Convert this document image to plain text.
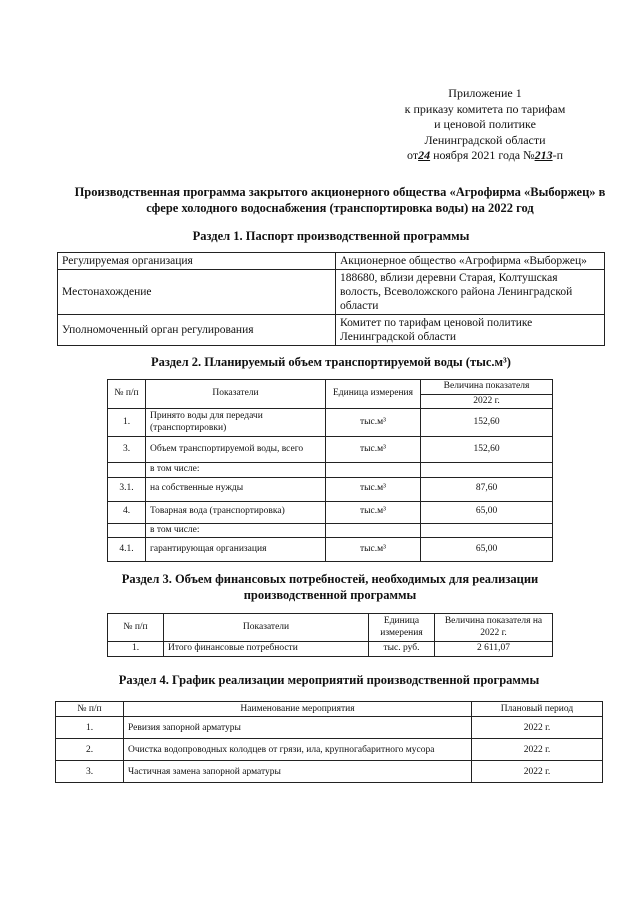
Приложение 1
к приказу комитета по тарифам
и ценовой политике
Ленинградской области
от24 ноября 2021 года №213-п
Производственная программа закрытого акционерного общества «Агрофирма «Выборжец» в сфере холодного водоснабжения (транспортировка воды) на 2022 год
Раздел 1. Паспорт производственной программы
Регулируемая организация	Акционерное общество «Агрофирма «Выборжец»
Местонахождение	188680, вблизи деревни Старая, Колтушская волость, Всеволожского района Ленинградской области
Уполномоченный орган регулирования	Комитет по тарифам ценовой политике Ленинградской области
Раздел 2. Планируемый объем транспортируемой воды (тыс.м³)
№ п/п	Показатели	Единица измерения	Величина показателя
			2022 г.
1.	Принято воды для передачи (транспортировки)	тыс.м³	152,60
3.	Объем транспортируемой воды, всего	тыс.м³	152,60
	в том числе:		
3.1.	на собственные нужды	тыс.м³	87,60
4.	Товарная вода (транспортировка)	тыс.м³	65,00
	в том числе:		
4.1.	гарантирующая организация	тыс.м³	65,00
Раздел 3. Объем финансовых потребностей, необходимых для реализации производственной программы
№ п/п	Показатели	Единица измерения	Величина показателя на 2022 г.
1.	Итого финансовые потребности	тыс. руб.	2 611,07
Раздел 4. График реализации мероприятий производственной программы
№ п/п	Наименование мероприятия	Плановый период
1.	Ревизия запорной арматуры	2022 г.
2.	Очистка водопроводных колодцев от грязи, ила, крупногабаритного мусора	2022 г.
3.	Частичная замена запорной арматуры	2022 г.
